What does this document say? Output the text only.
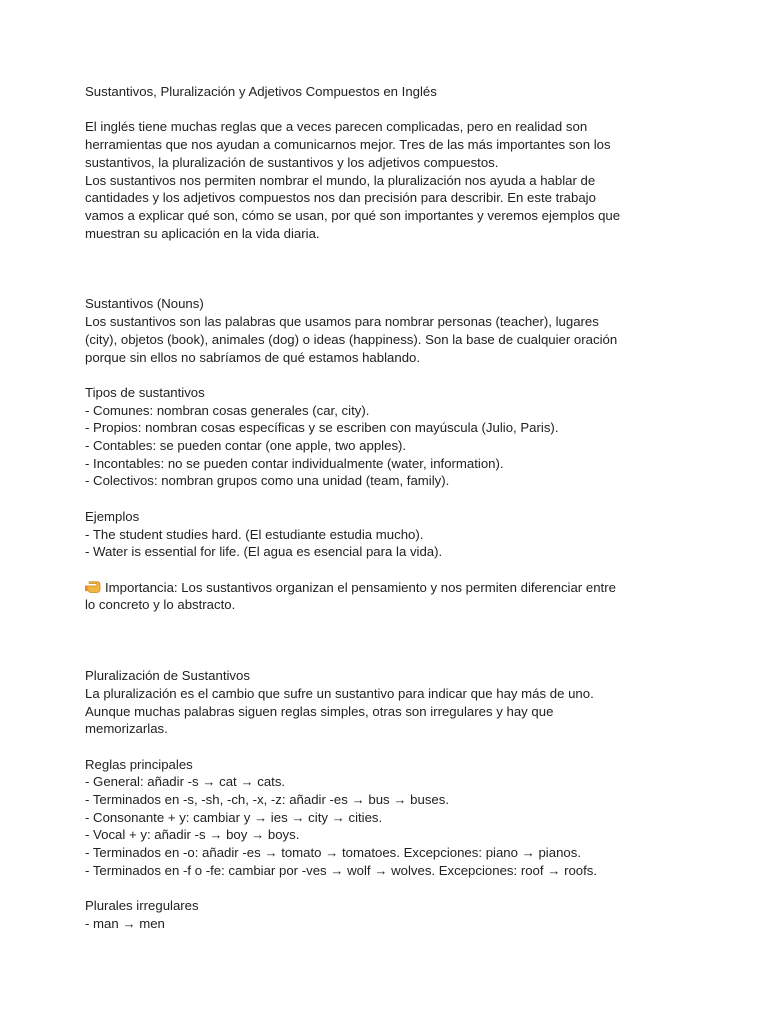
Sustantivos, Pluralización y Adjetivos Compuestos en Inglés
El inglés tiene muchas reglas que a veces parecen complicadas, pero en realidad son
herramientas que nos ayudan a comunicarnos mejor. Tres de las más importantes son los
sustantivos, la pluralización de sustantivos y los adjetivos compuestos.
Los sustantivos nos permiten nombrar el mundo, la pluralización nos ayuda a hablar de
cantidades y los adjetivos compuestos nos dan precisión para describir. En este trabajo
vamos a explicar qué son, cómo se usan, por qué son importantes y veremos ejemplos que
muestran su aplicación en la vida diaria.
Sustantivos (Nouns)
Los sustantivos son las palabras que usamos para nombrar personas (teacher), lugares
(city), objetos (book), animales (dog) o ideas (happiness). Son la base de cualquier oración
porque sin ellos no sabríamos de qué estamos hablando.
Tipos de sustantivos
- Comunes: nombran cosas generales (car, city).
- Propios: nombran cosas específicas y se escriben con mayúscula (Julio, Paris).
- Contables: se pueden contar (one apple, two apples).
- Incontables: no se pueden contar individualmente (water, information).
- Colectivos: nombran grupos como una unidad (team, family).
Ejemplos
- The student studies hard. (El estudiante estudia mucho).
- Water is essential for life. (El agua es esencial para la vida).
Importancia: Los sustantivos organizan el pensamiento y nos permiten diferenciar entre
lo concreto y lo abstracto.
Pluralización de Sustantivos
La pluralización es el cambio que sufre un sustantivo para indicar que hay más de uno.
Aunque muchas palabras siguen reglas simples, otras son irregulares y hay que
memorizarlas.
Reglas principales
- General: añadir -s → cat → cats.
- Terminados en -s, -sh, -ch, -x, -z: añadir -es → bus → buses.
- Consonante + y: cambiar y → ies → city → cities.
- Vocal + y: añadir -s → boy → boys.
- Terminados en -o: añadir -es → tomato → tomatoes. Excepciones: piano → pianos.
- Terminados en -f o -fe: cambiar por -ves → wolf → wolves. Excepciones: roof → roofs.
Plurales irregulares
- man → men
